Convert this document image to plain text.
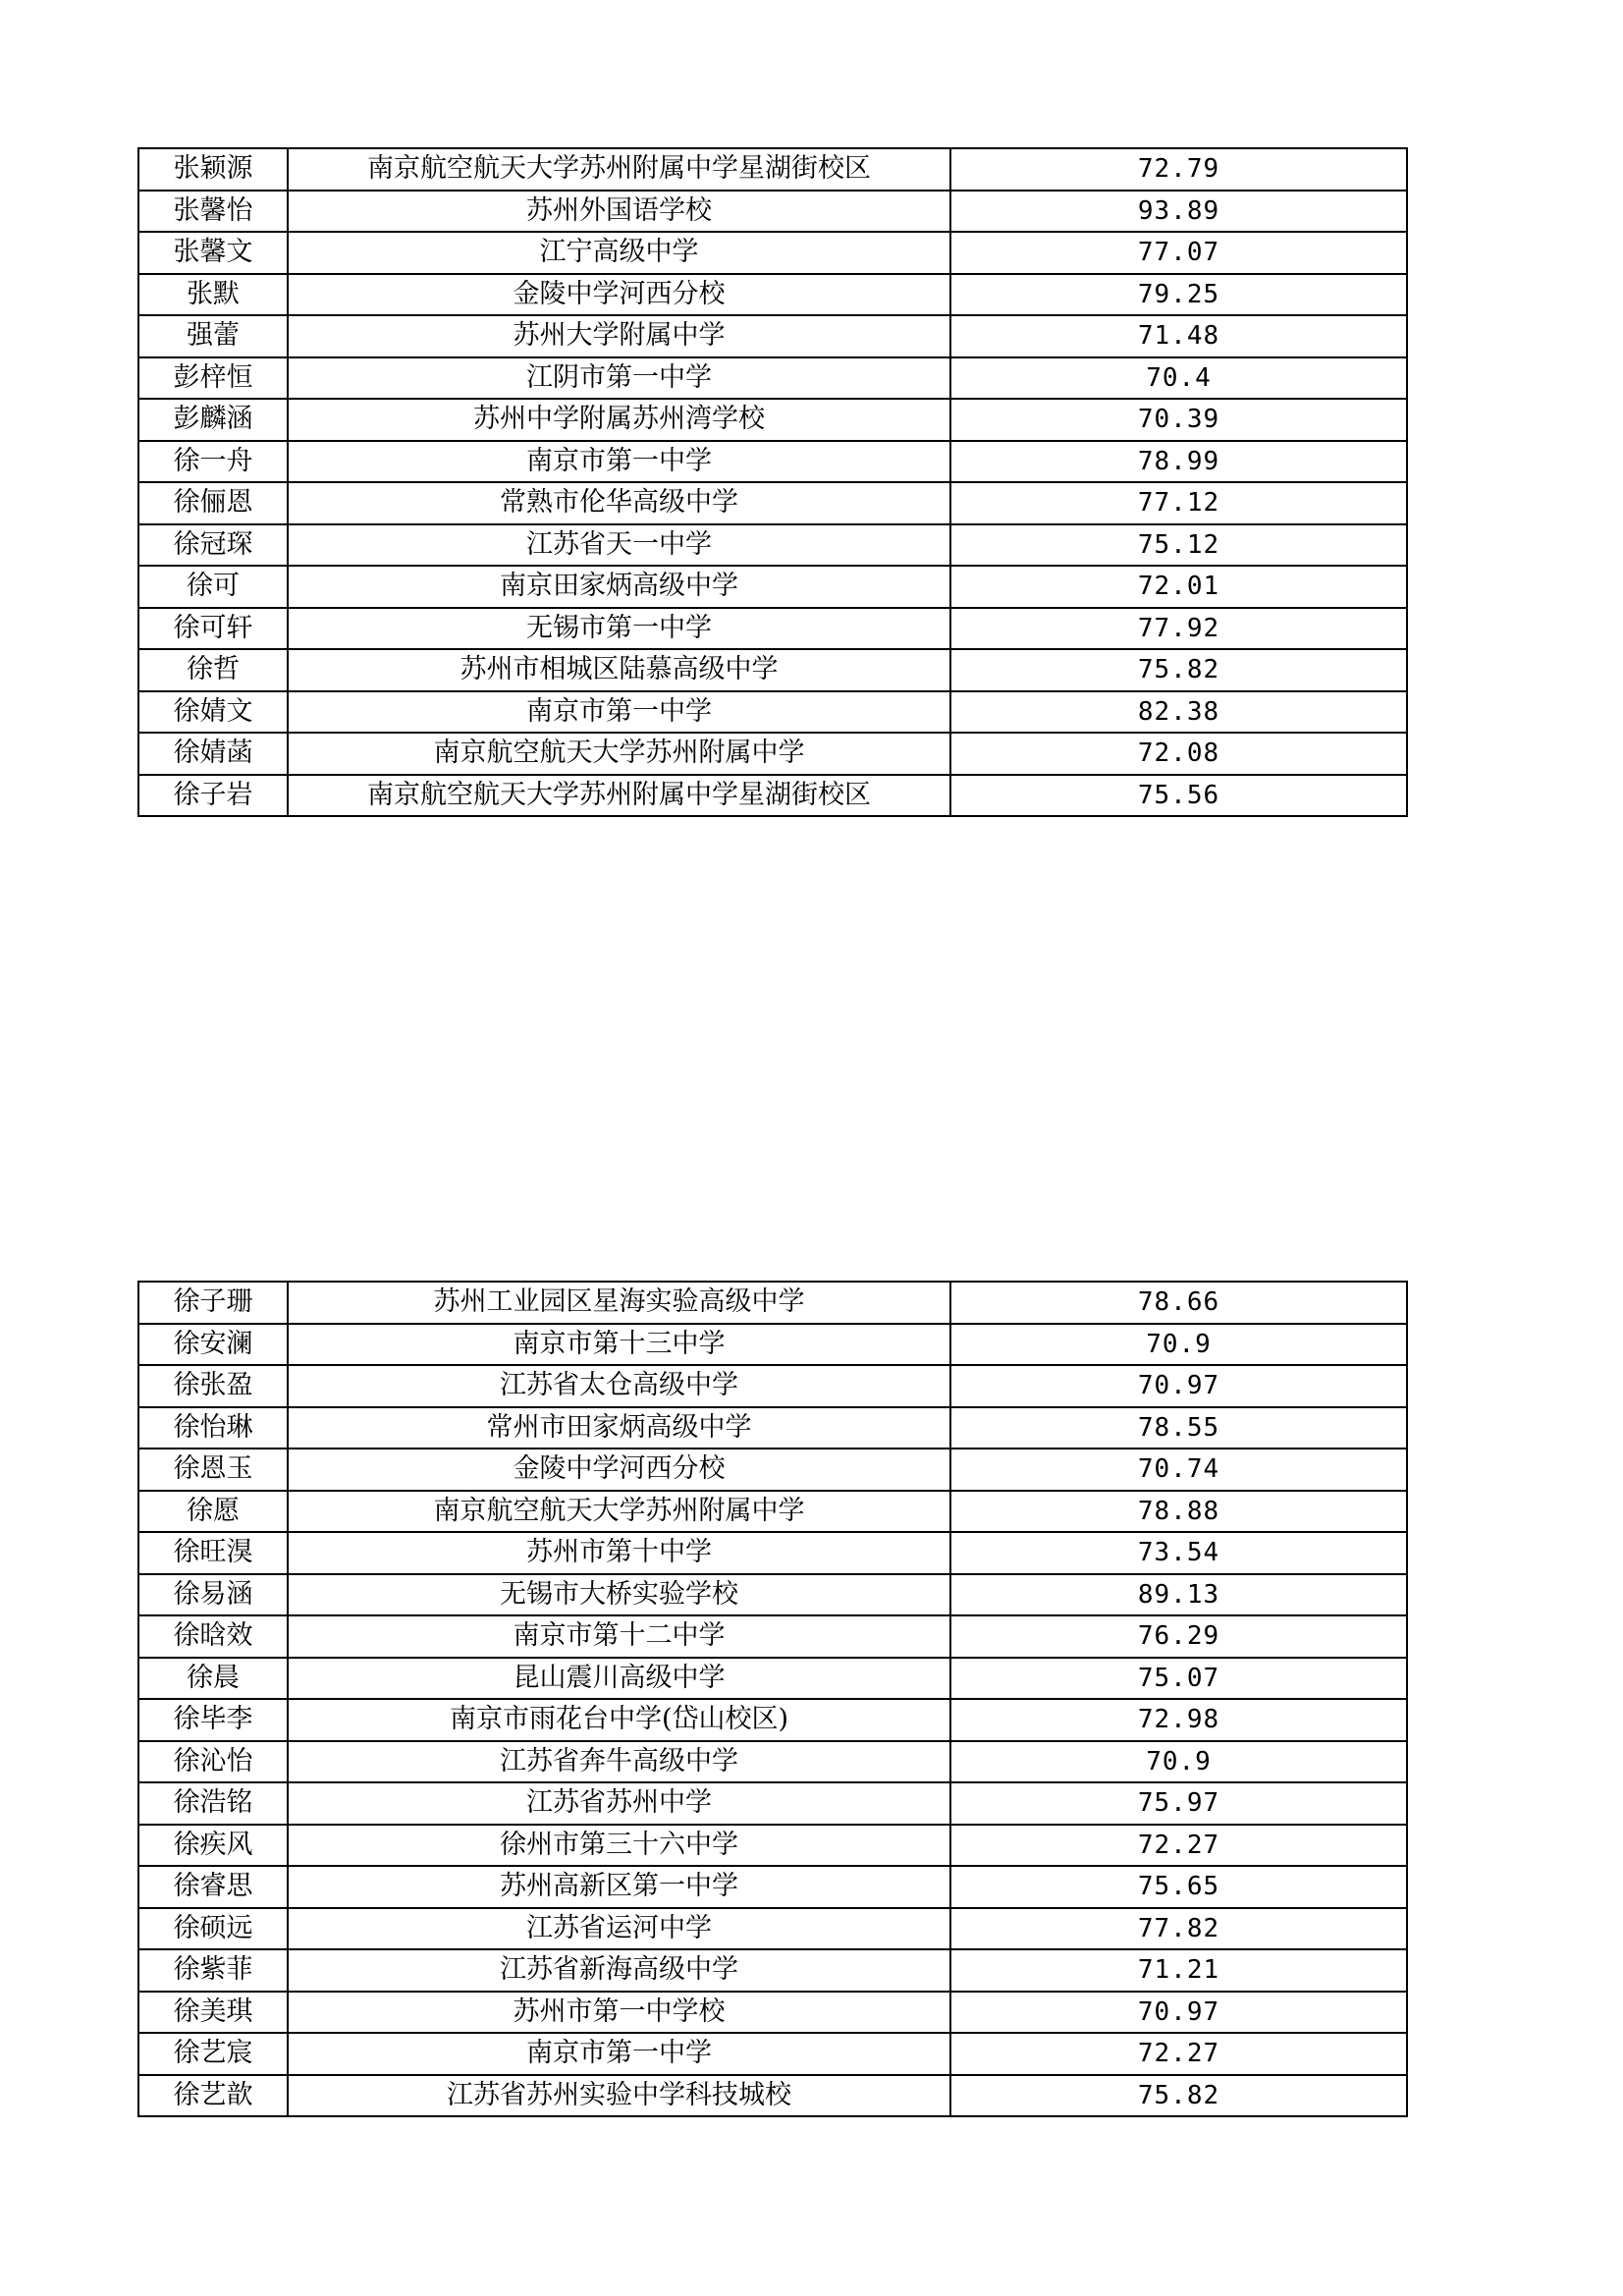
张颖源	南京航空航天大学苏州附属中学星湖街校区	72.79
张馨怡	苏州外国语学校	93.89
张馨文	江宁高级中学	77.07
张默	金陵中学河西分校	79.25
强蕾	苏州大学附属中学	71.48
彭梓恒	江阴市第一中学	70.4
彭麟涵	苏州中学附属苏州湾学校	70.39
徐一舟	南京市第一中学	78.99
徐俪恩	常熟市伦华高级中学	77.12
徐冠琛	江苏省天一中学	75.12
徐可	南京田家炳高级中学	72.01
徐可轩	无锡市第一中学	77.92
徐哲	苏州市相城区陆慕高级中学	75.82
徐婧文	南京市第一中学	82.38
徐婧菡	南京航空航天大学苏州附属中学	72.08
徐子岩	南京航空航天大学苏州附属中学星湖街校区	75.56
徐子珊	苏州工业园区星海实验高级中学	78.66
徐安澜	南京市第十三中学	70.9
徐张盈	江苏省太仓高级中学	70.97
徐怡琳	常州市田家炳高级中学	78.55
徐恩玉	金陵中学河西分校	70.74
徐愿	南京航空航天大学苏州附属中学	78.88
徐旺湨	苏州市第十中学	73.54
徐易涵	无锡市大桥实验学校	89.13
徐晗效	南京市第十二中学	76.29
徐晨	昆山震川高级中学	75.07
徐毕李	南京市雨花台中学(岱山校区)	72.98
徐沁怡	江苏省奔牛高级中学	70.9
徐浩铭	江苏省苏州中学	75.97
徐疾风	徐州市第三十六中学	72.27
徐睿思	苏州高新区第一中学	75.65
徐硕远	江苏省运河中学	77.82
徐紫菲	江苏省新海高级中学	71.21
徐美琪	苏州市第一中学校	70.97
徐艺宸	南京市第一中学	72.27
徐艺歆	江苏省苏州实验中学科技城校	75.82
